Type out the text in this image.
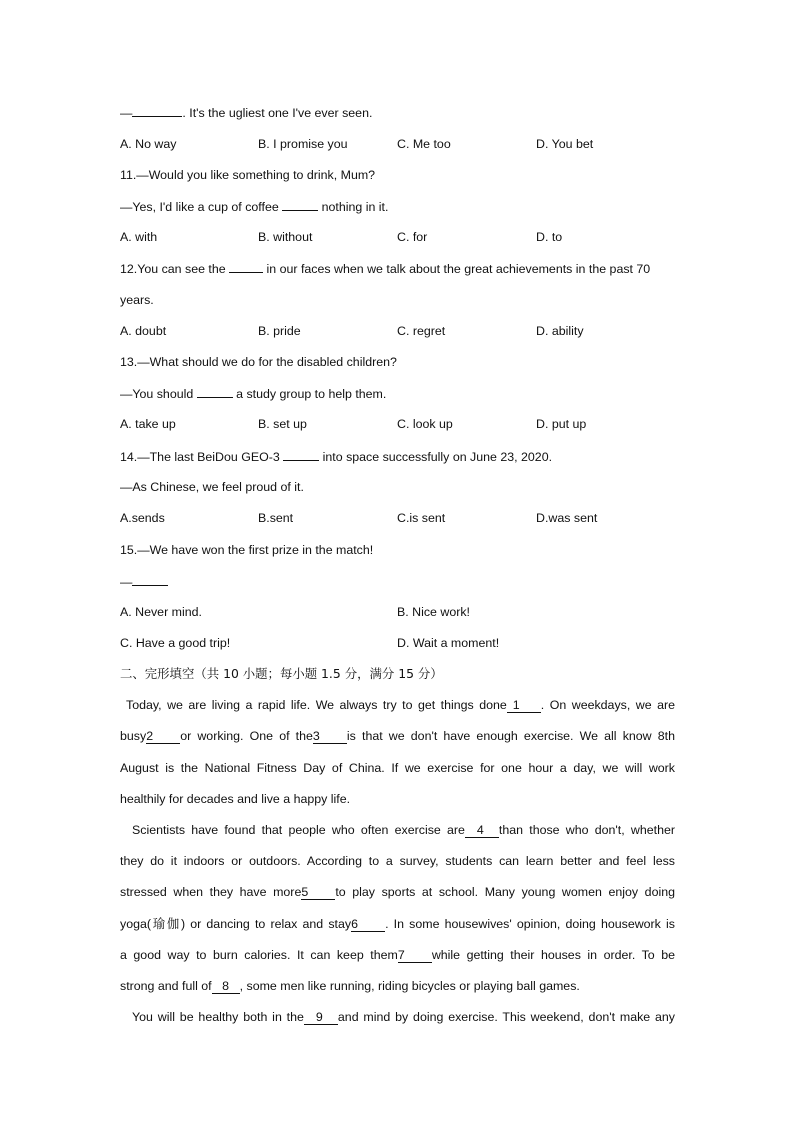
—	. It's the ugliest one I've ever seen.
A. No way	B. I promise you	C. Me too	D. You bet
11.—Would you like something to drink, Mum?
—Yes, I'd like a cup of coffee	nothing in it.
A. with	B. without	C. for	D. to
12.You can see the	in our faces when we talk about the great achievements in the past 70
years.
A. doubt	B. pride	C. regret	D. ability
13.—What should we do for the disabled children?
—You should	a study group to help them.
A. take up	B. set up	C. look up	D. put up
14.—The last BeiDou GEO-3	into space successfully on June 23, 2020.
—As Chinese, we feel proud of it.
A.sends	B.sent	C.is sent	D.was sent
15.—We have won the first prize in the match!
—
A. Never mind.	B. Nice work!
C. Have a good trip!	D. Wait a moment!
二、完形填空（共 10 小题；每小题 1.5 分，满分 15 分）
Today, we are living a rapid life. We always try to get things done 1 . On weekdays, we are
busy2 or working. One of the3 is that we don't have enough exercise. We all know 8th
August is the National Fitness Day of China. If we exercise for one hour a day, we will work
healthily for decades and live a happy life.
Scientists have found that people who often exercise are 4 than those who don't, whether
they do it indoors or outdoors. According to a survey, students can learn better and feel less
stressed when they have more5 to play sports at school. Many young women enjoy doing
yoga(瑜伽) or dancing to relax and stay6 . In some housewives' opinion, doing housework is
a good way to burn calories. It can keep them7 while getting their houses in order. To be
strong and full of 8 , some men like running, riding bicycles or playing ball games.
You will be healthy both in the 9 and mind by doing exercise. This weekend, don't make any
